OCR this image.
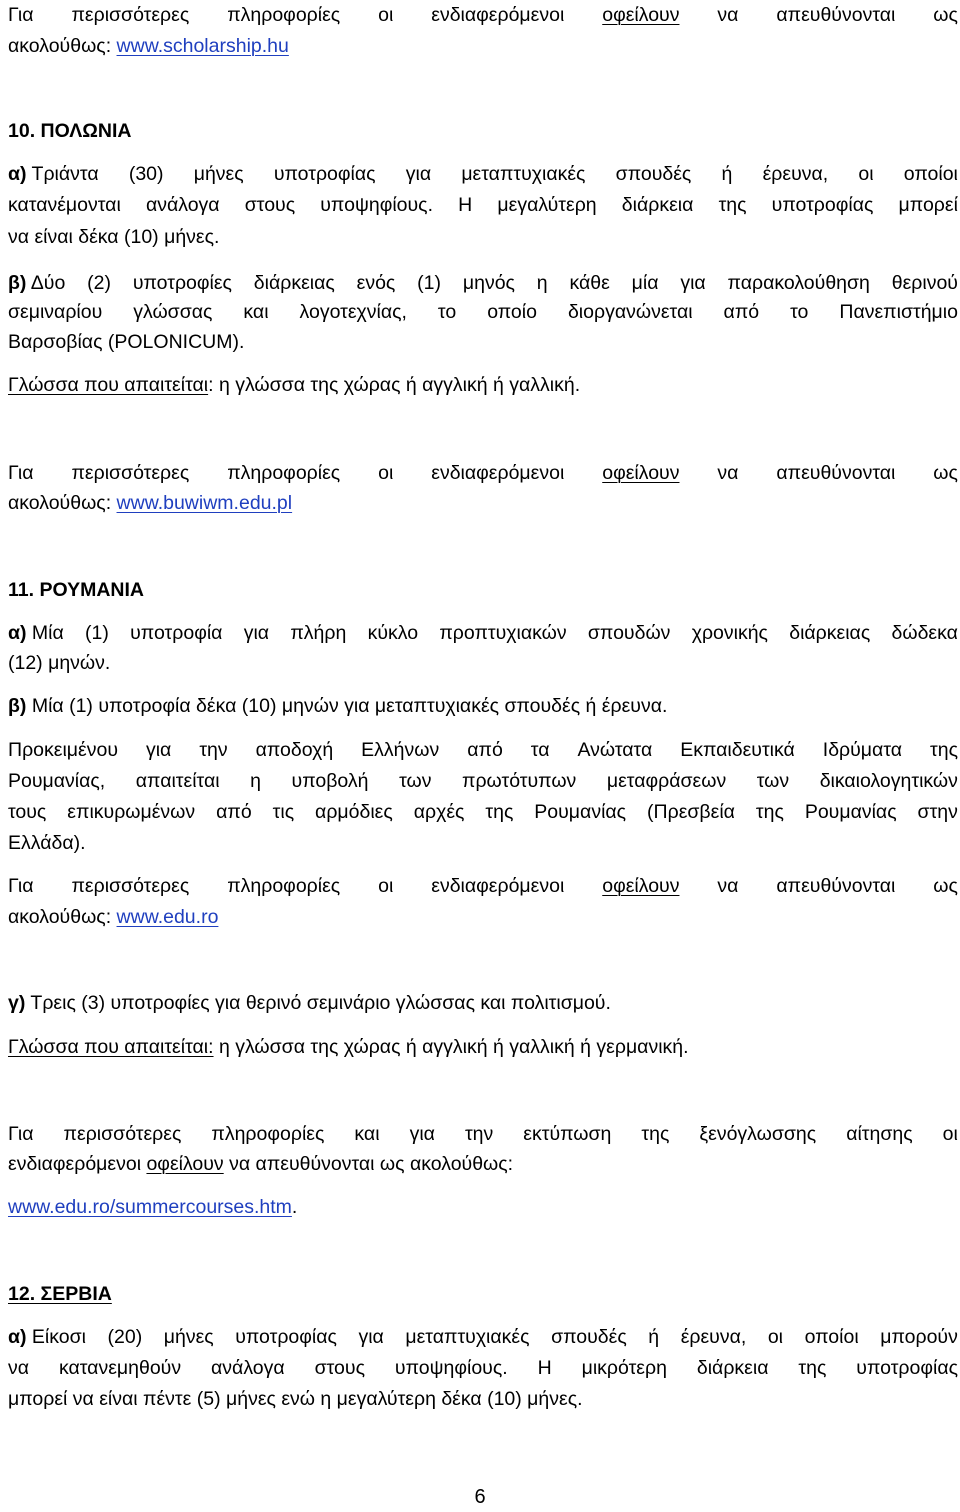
Για περισσότερες πληροφορίες οι ενδιαφερόμενοι οφείλουν να απευθύνονται ως
ακολούθως: www.scholarship.hu
10. ΠΟΛΩΝΙΑ
α) Τριάντα (30) μήνες υποτροφίας για μεταπτυχιακές σπουδές ή έρευνα, οι οποίοι
κατανέμονται ανάλογα στους υποψηφίους. Η μεγαλύτερη διάρκεια της υποτροφίας μπορεί
να είναι δέκα (10) μήνες.
β) Δύο (2) υποτροφίες διάρκειας ενός (1) μηνός η κάθε μία για παρακολούθηση θερινού
σεμιναρίου γλώσσας και λογοτεχνίας, το οποίο διοργανώνεται από το Πανεπιστήμιο
Βαρσοβίας (POLONICUM).
Γλώσσα που απαιτείται: η γλώσσα της χώρας ή αγγλική ή γαλλική.
Για περισσότερες πληροφορίες οι ενδιαφερόμενοι οφείλουν να απευθύνονται ως
ακολούθως: www.buwiwm.edu.pl
11. ΡΟΥΜΑΝΙΑ
α) Μία (1) υποτροφία για πλήρη κύκλο προπτυχιακών σπουδών χρονικής διάρκειας δώδεκα
(12) μηνών.
β) Μία (1) υποτροφία δέκα (10) μηνών για μεταπτυχιακές σπουδές ή έρευνα.
Προκειμένου για την αποδοχή Ελλήνων από τα Ανώτατα Εκπαιδευτικά Ιδρύματα της
Ρουμανίας, απαιτείται η υποβολή των πρωτότυπων μεταφράσεων των δικαιολογητικών
τους επικυρωμένων από τις αρμόδιες αρχές της Ρουμανίας (Πρεσβεία της Ρουμανίας στην
Ελλάδα).
Για περισσότερες πληροφορίες οι ενδιαφερόμενοι οφείλουν να απευθύνονται ως
ακολούθως: www.edu.ro
γ) Τρεις (3) υποτροφίες για θερινό σεμινάριο γλώσσας και πολιτισμού.
Γλώσσα που απαιτείται: η γλώσσα της χώρας ή αγγλική ή γαλλική ή γερμανική.
Για περισσότερες πληροφορίες και για την εκτύπωση της ξενόγλωσσης αίτησης οι
ενδιαφερόμενοι οφείλουν να απευθύνονται ως ακολούθως:
www.edu.ro/summercourses.htm.
12. ΣΕΡΒΙΑ
α) Είκοσι (20) μήνες υποτροφίας για μεταπτυχιακές σπουδές ή έρευνα, οι οποίοι μπορούν
να κατανεμηθούν ανάλογα στους υποψηφίους. Η μικρότερη διάρκεια της υποτροφίας
μπορεί να είναι πέντε (5) μήνες ενώ η μεγαλύτερη δέκα (10) μήνες.
6
